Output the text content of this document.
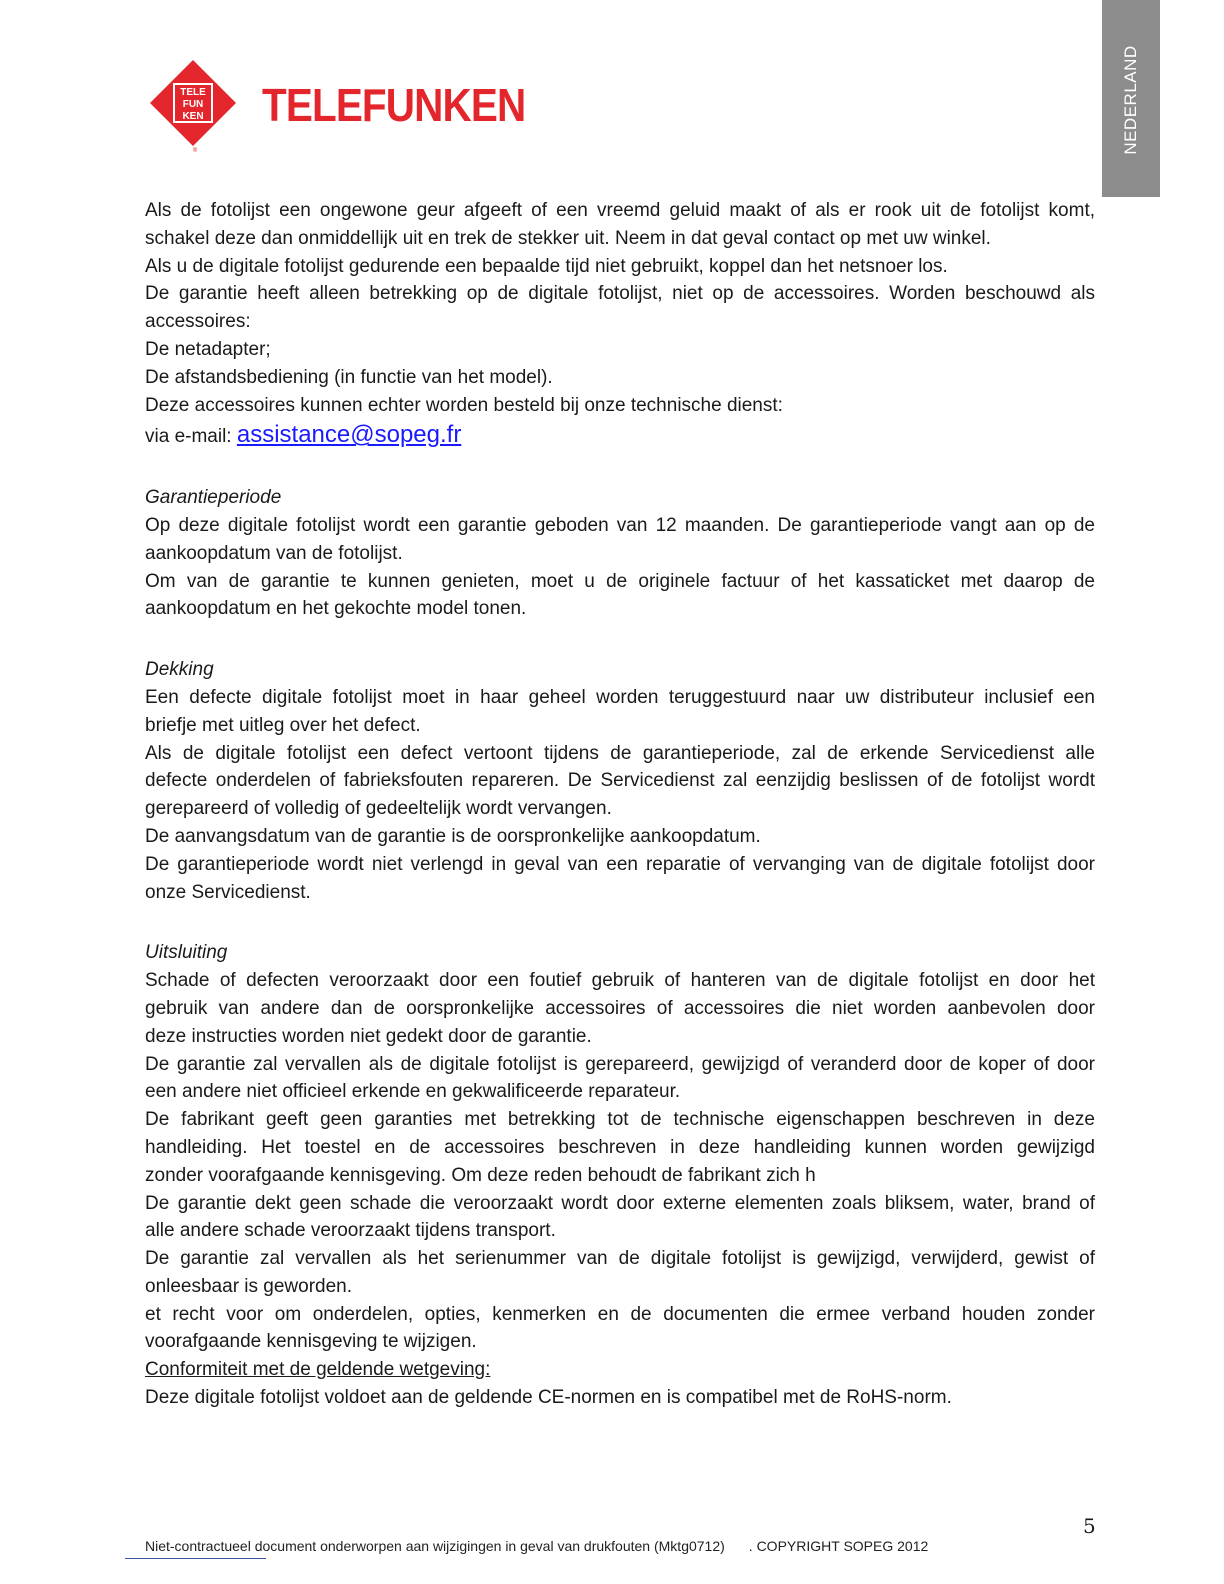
NEDERLAND
TELE
FUN
KEN
®
TELEFUNKEN
Als de fotolijst een ongewone geur afgeeft of een vreemd geluid maakt of als er rook uit de fotolijst komt,
schakel deze dan onmiddellijk uit en trek de stekker uit. Neem in dat geval contact op met uw winkel.
Als u de digitale fotolijst gedurende een bepaalde tijd niet gebruikt, koppel dan het netsnoer los.
De garantie heeft alleen betrekking op de digitale fotolijst, niet op de accessoires. Worden beschouwd als
accessoires:
De netadapter;
De afstandsbediening (in functie van het model).
Deze accessoires kunnen echter worden besteld bij onze technische dienst:
via e-mail: assistance@sopeg.fr
Garantieperiode
Op deze digitale fotolijst wordt een garantie geboden van 12 maanden. De garantieperiode vangt aan op de
aankoopdatum van de fotolijst.
Om van de garantie te kunnen genieten, moet u de originele factuur of het kassaticket met daarop de
aankoopdatum en het gekochte model tonen.
Dekking
Een defecte digitale fotolijst moet in haar geheel worden teruggestuurd naar uw distributeur inclusief een
briefje met uitleg over het defect.
Als de digitale fotolijst een defect vertoont tijdens de garantieperiode, zal de erkende Servicedienst alle
defecte onderdelen of fabrieksfouten repareren. De Servicedienst zal eenzijdig beslissen of de fotolijst wordt
gerepareerd of volledig of gedeeltelijk wordt vervangen.
De aanvangsdatum van de garantie is de oorspronkelijke aankoopdatum.
De garantieperiode wordt niet verlengd in geval van een reparatie of vervanging van de digitale fotolijst door
onze Servicedienst.
Uitsluiting
Schade of defecten veroorzaakt door een foutief gebruik of hanteren van de digitale fotolijst en door het
gebruik van andere dan de oorspronkelijke accessoires of accessoires die niet worden aanbevolen door
deze instructies worden niet gedekt door de garantie.
De garantie zal vervallen als de digitale fotolijst is gerepareerd, gewijzigd of veranderd door de koper of door
een andere niet officieel erkende en gekwalificeerde reparateur.
De fabrikant geeft geen garanties met betrekking tot de technische eigenschappen beschreven in deze
handleiding. Het toestel en de accessoires beschreven in deze handleiding kunnen worden gewijzigd
zonder voorafgaande kennisgeving. Om deze reden behoudt de fabrikant zich h
De garantie dekt geen schade die veroorzaakt wordt door externe elementen zoals bliksem, water, brand of
alle andere schade veroorzaakt tijdens transport.
De garantie zal vervallen als het serienummer van de digitale fotolijst is gewijzigd, verwijderd, gewist of
onleesbaar is geworden.
et recht voor om onderdelen, opties, kenmerken en de documenten die ermee verband houden zonder
voorafgaande kennisgeving te wijzigen.
Conformiteit met de geldende wetgeving:
Deze digitale fotolijst voldoet aan de geldende CE-normen en is compatibel met de RoHS-norm.
Niet-contractueel document onderworpen aan wijzigingen in geval van drukfouten (Mktg0712) . COPYRIGHT SOPEG 2012
5
